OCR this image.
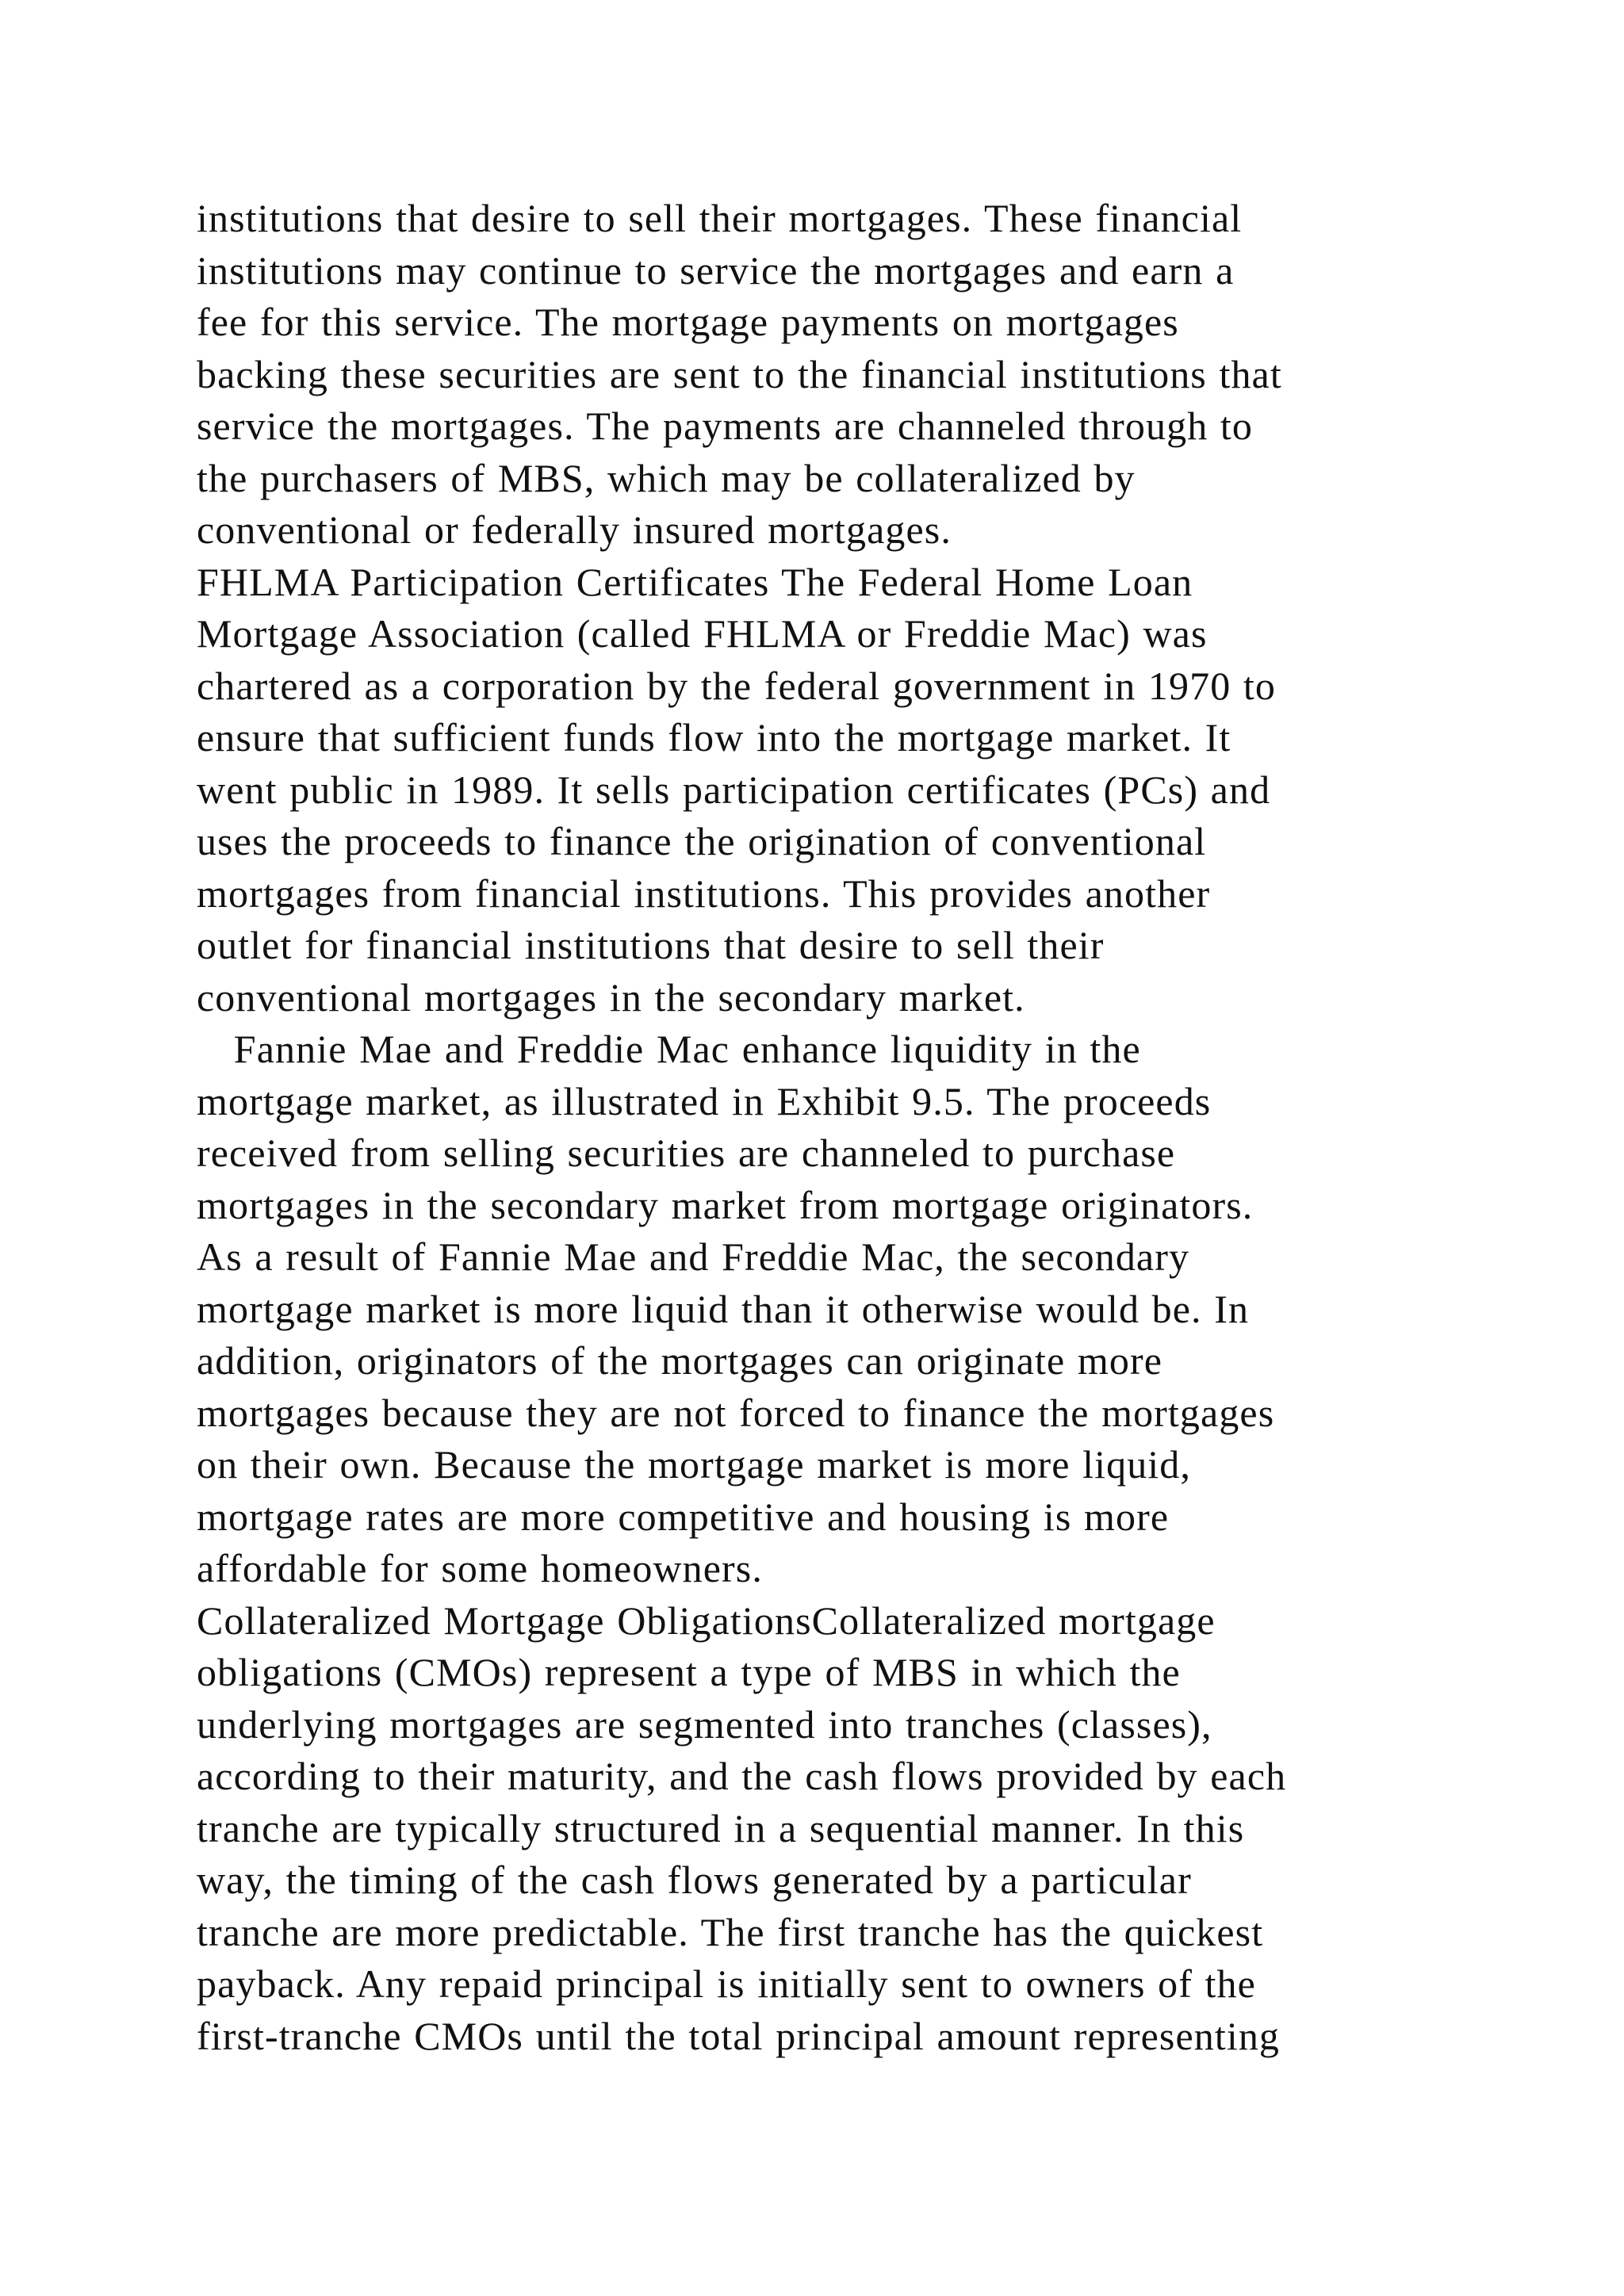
institutions that desire to sell their mortgages. These financial
institutions may continue to service the mortgages and earn a
fee for this service. The mortgage payments on mortgages
backing these securities are sent to the financial institutions that
service the mortgages. The payments are channeled through to
the purchasers of MBS, which may be collateralized by
conventional or federally insured mortgages.
FHLMA Participation Certificates The Federal Home Loan
Mortgage Association (called FHLMA or Freddie Mac) was
chartered as a corporation by the federal government in 1970 to
ensure that sufficient funds flow into the mortgage market. It
went public in 1989. It sells participation certificates (PCs) and
uses the proceeds to finance the origination of conventional
mortgages from financial institutions. This provides another
outlet for financial institutions that desire to sell their
conventional mortgages in the secondary market.
Fannie Mae and Freddie Mac enhance liquidity in the
mortgage market, as illustrated in Exhibit 9.5. The proceeds
received from selling securities are channeled to purchase
mortgages in the secondary market from mortgage originators.
As a result of Fannie Mae and Freddie Mac, the secondary
mortgage market is more liquid than it otherwise would be. In
addition, originators of the mortgages can originate more
mortgages because they are not forced to finance the mortgages
on their own. Because the mortgage market is more liquid,
mortgage rates are more competitive and housing is more
affordable for some homeowners.
Collateralized Mortgage ObligationsCollateralized mortgage
obligations (CMOs) represent a type of MBS in which the
underlying mortgages are segmented into tranches (classes),
according to their maturity, and the cash flows provided by each
tranche are typically structured in a sequential manner. In this
way, the timing of the cash flows generated by a particular
tranche are more predictable. The first tranche has the quickest
payback. Any repaid principal is initially sent to owners of the
first-tranche CMOs until the total principal amount representing
